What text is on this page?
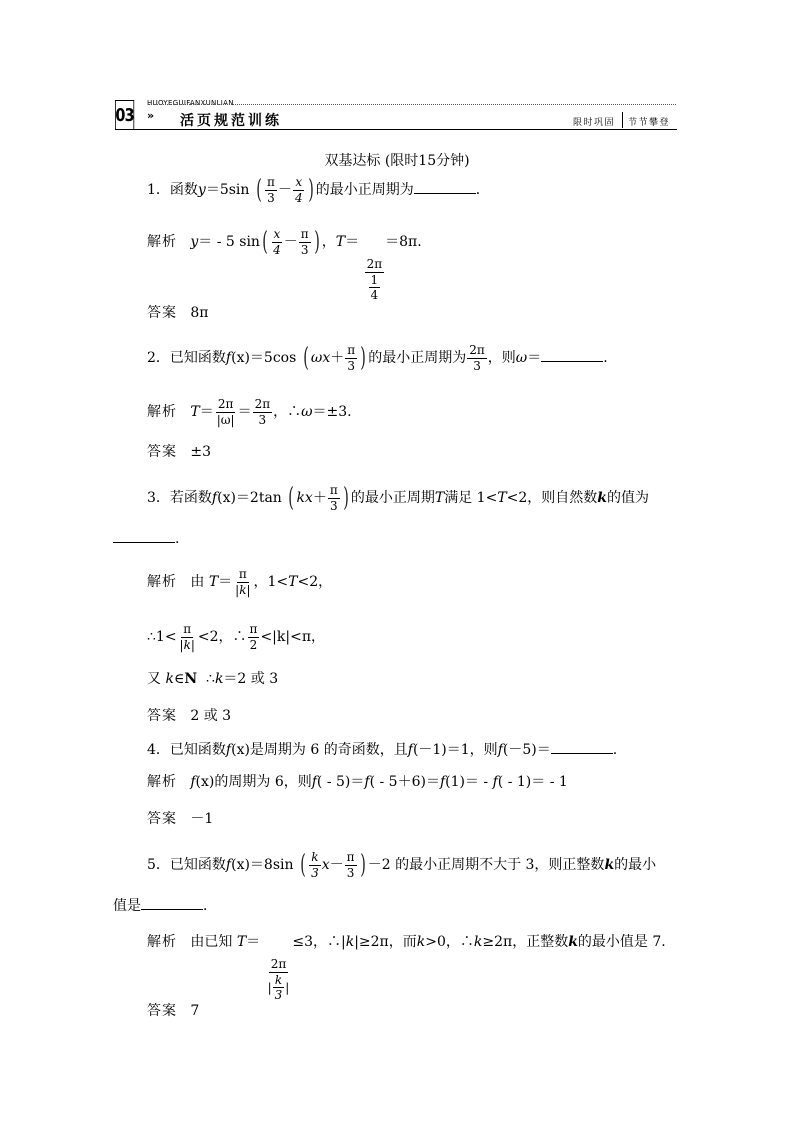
03
HUOYEGUIFANXUNLIAN
» 活页规范训练	限时巩固 节节攀登
双基达标 (限时15分钟)
1．函数y＝5sin ( $\frac{\pi}{3} - \frac{x}{4}$ ) 的最小正周期为	．
解析 y＝ - 5 $\sin( \frac{x}{4} - \frac{\pi}{3}$ ) ，T＝
$\frac{2\pi}{\frac{1}{4}}$
＝8π.
答案 8π
2．已知函数f(x)＝5cos ( $\omega x+ \frac{\pi}{3}$ ) 的最小正周期为 $\frac{2\pi}{3}$ ，则ω＝	.
解析 $T= \frac{2\pi}{|\omega|} = \frac{2\pi}{3}$ ，∴ω＝±3.
答案 ±3
3．若函数f(x)＝2tan ( $kx+ \frac{\pi}{3}$ ) 的最小正周期T满足 1<T<2，则自然数k的值为
.
解析 由 $T= \frac{\pi}{|k|}$ ，1<T<2，
∴1< $\frac{\pi}{|k|} <2$，∴ $\frac{\pi}{2} <|k|<\pi$，
又 k∈N ∴k＝2 或 3
答案 2 或 3
4．已知函数f(x)是周期为 6 的奇函数，且f(－1)＝1，则f(－5)＝	.
解析 f(x)的周期为 6，则f( - 5)＝f( - 5＋6)＝f(1)＝ - f( - 1)＝ - 1
答案 －1
5．已知函数f(x)＝8sin ( $\frac{k}{3} x- \frac{\pi}{3}$ ) －2 的最小正周期不大于 3，则正整数k的最小
值是	．
解析 由已知 T＝
$\frac{2\pi}{| \frac{k}{3} |}$
≤3，∴|k|≥2π，而k>0，∴k≥2π，正整数k的最小值是 7.
答案 7
